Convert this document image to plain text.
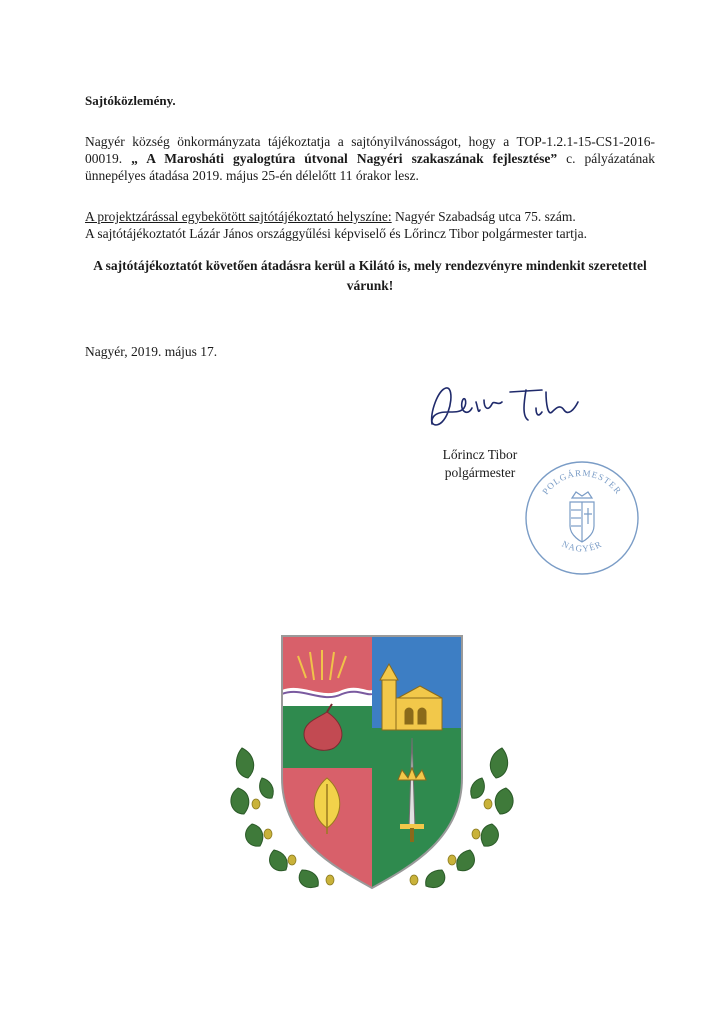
Sajtóközlemény.
Nagyér község önkormányzata tájékoztatja a sajtónyilvánosságot, hogy a TOP-1.2.1-15-CS1-2016-00019. „ A Marosháti gyalogtúra útvonal Nagyéri szakaszának fejlesztése” c. pályázatának ünnepélyes átadása 2019. május 25-én délelőtt 11 órakor lesz.
A projektzárással egybekötött sajtótájékoztató helyszíne: Nagyér Szabadság utca 75. szám.
A sajtótájékoztatót Lázár János országgyűlési képviselő és Lőrincz Tibor polgármester tartja.
A sajtótájékoztatót követően átadásra kerül a Kilátó is, mely rendezvényre mindenkit szeretettel várunk!
Nagyér, 2019. május 17.
Lőrincz Tibor
polgármester
POLGÁRMESTER
NAGYÉR
